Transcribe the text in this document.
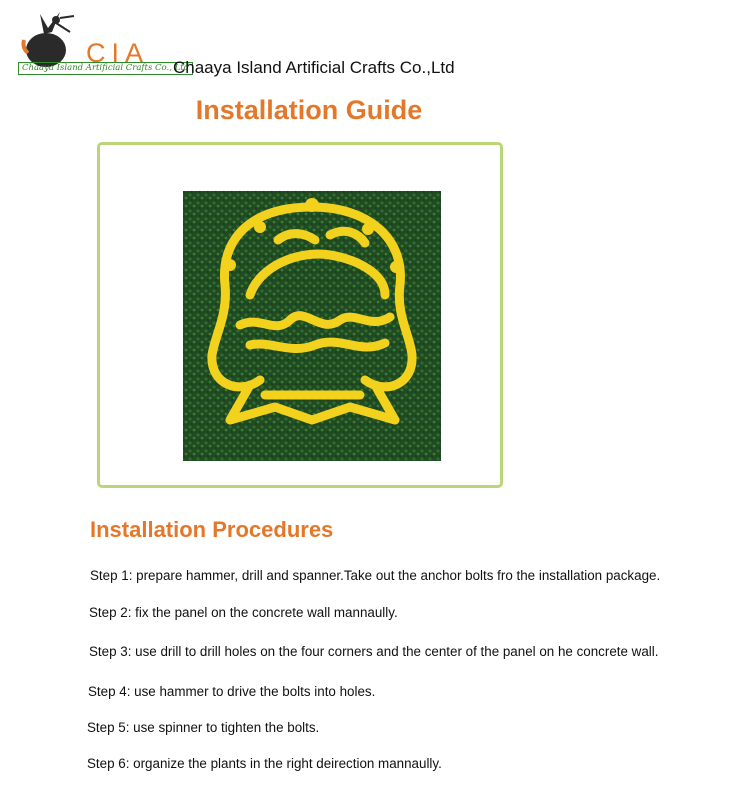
CIA
Chaaya Island Artificial Crafts Co., Ltd
Chaaya Island Artificial Crafts Co.,Ltd
Installation Guide
Installation Procedures
Step 1: prepare hammer, drill and spanner.Take out the anchor bolts fro the installation package.
Step 2: fix the panel on the concrete wall mannaully.
Step 3: use drill to drill holes on the four corners and the center of the panel on he concrete wall.
Step 4: use hammer to drive the bolts into holes.
Step 5: use spinner to tighten the bolts.
Step 6: organize the plants in the right deirection mannaully.
